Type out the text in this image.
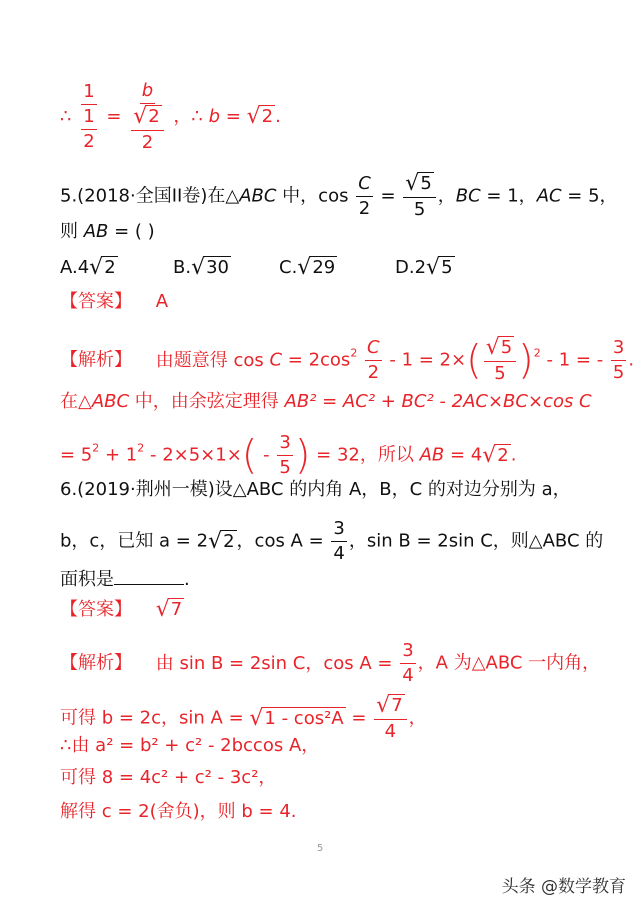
∴ $\frac{1}{\frac{1}{2}} = \frac{b}{\frac{√ 2}{2}}$ ，∴ b = √ 2 .
5.(2018·全国II卷)在△ABC 中，$\cos \frac{C}{2} = \frac{√ 5}{5}$ ，BC = 1，AC = 5，
则 AB = ( )
A.4 √ 2	B. √ 30	C. √ 29	D.2 √ 5
【答案】 A
【解析】 由题意得 $\cos C = 2\cos^2 \frac{C}{2} - 1 = 2\times( \frac{√ 5}{5} )^2 - 1$ = - $\frac{3}{5}$ .
在△ABC 中，由余弦定理得 AB² = AC² + BC² - 2AC×BC×cos C
= $5^2 + 1^2 - 2\times 5\times 1\times( - \frac{3}{5}$ ) = 32，所以 AB = 4 √ 2 .
6.(2019·荆州一模)设△ABC 的内角 A，B，C 的对边分别为 a，
b，c，已知 a = 2 √ 2 ，$\cos A = \frac{3}{4}$ ，sin B = 2sin C，则△ABC 的
面积是	.
【答案】 √ 7
【解析】 由 sin B = 2sin C，$\cos A = \frac{3}{4}$ ，A 为△ABC 一内角，
可得 b = 2c，sin A = √ $1 - \cos^2A = \frac{√ 7}{4}$ ，
∴由 a² = b² + c² - 2bccos A，
可得 8 = 4c² + c² - 3c²，
解得 c = 2(舍负)，则 b = 4.
5
头条 @数学教育
